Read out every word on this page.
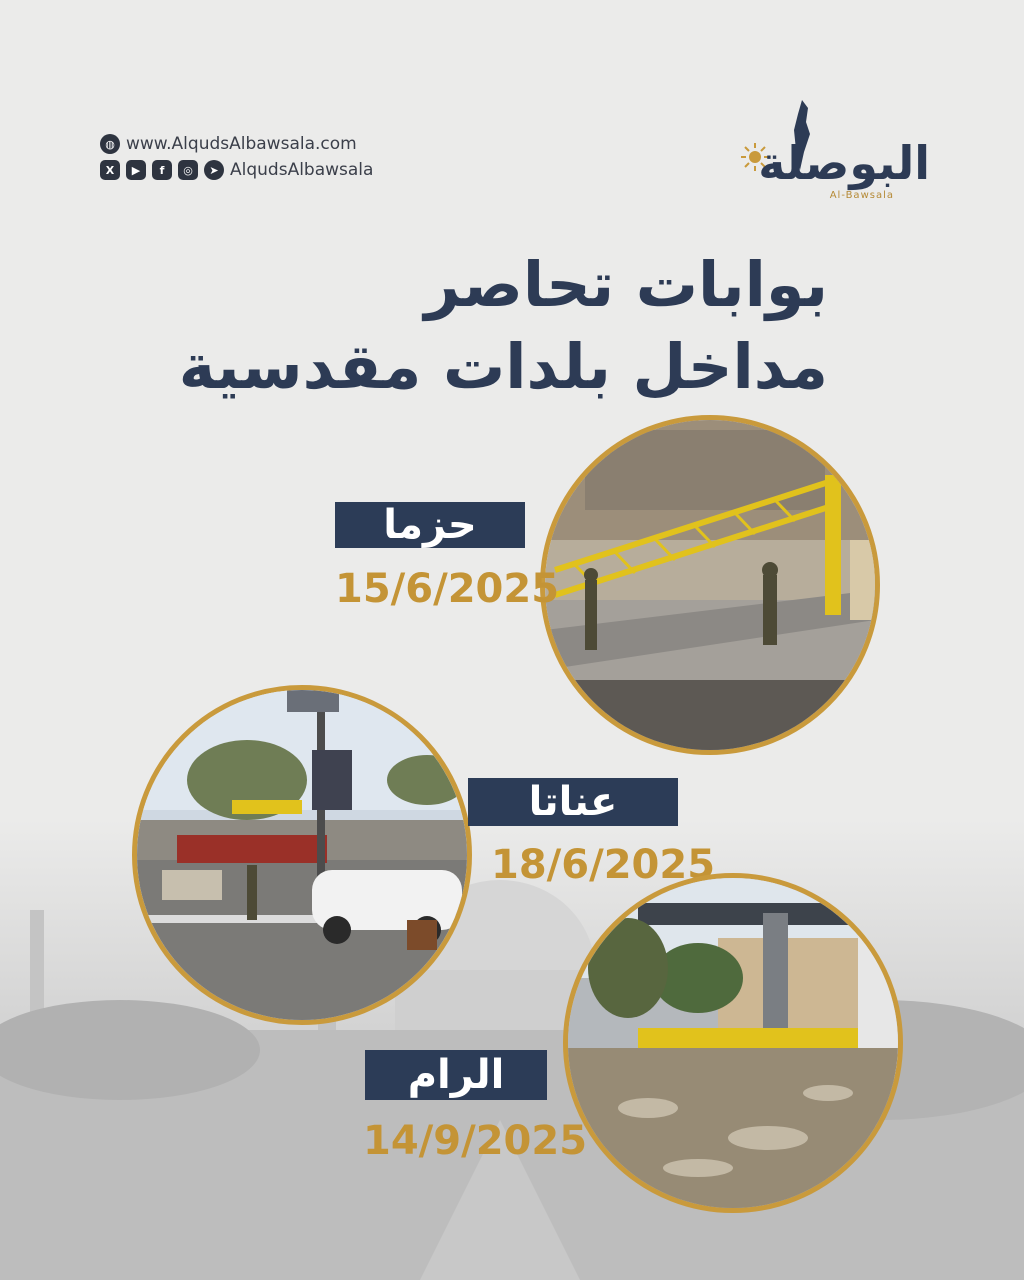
◍ www.AlqudsAlbawsala.com
X	▶	f	◎	➤ AlqudsAlbawsala	البوصلة
Al-Bawsala
بوابات تحاصر
مداخل بلدات مقدسية
حزما
15/6/2025
عناتا
18/6/2025
الرام
14/9/2025
